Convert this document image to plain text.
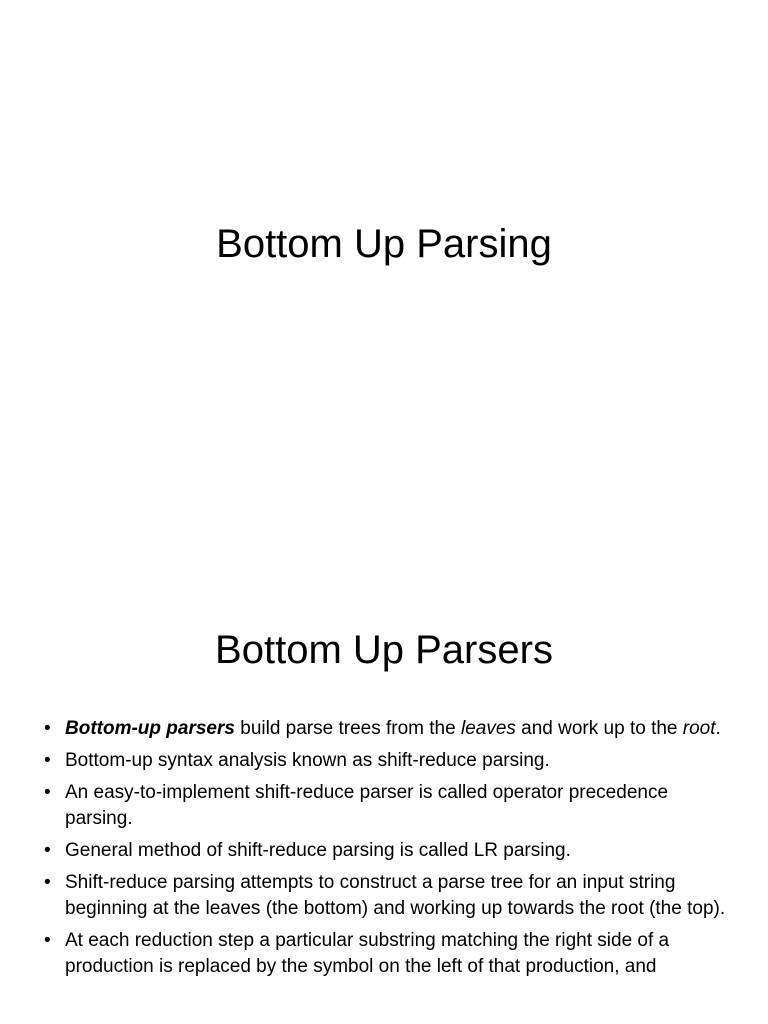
Bottom Up Parsing
Bottom Up Parsers
• Bottom-up parsers build parse trees from the leaves and work up to the root.
• Bottom-up syntax analysis known as shift-reduce parsing.
• An easy-to-implement shift-reduce parser is called operator precedence parsing.
• General method of shift-reduce parsing is called LR parsing.
• Shift-reduce parsing attempts to construct a parse tree for an input string beginning at the leaves (the bottom) and working up towards the root (the top).
• At each reduction step a particular substring matching the right side of a production is replaced by the symbol on the left of that production, and
